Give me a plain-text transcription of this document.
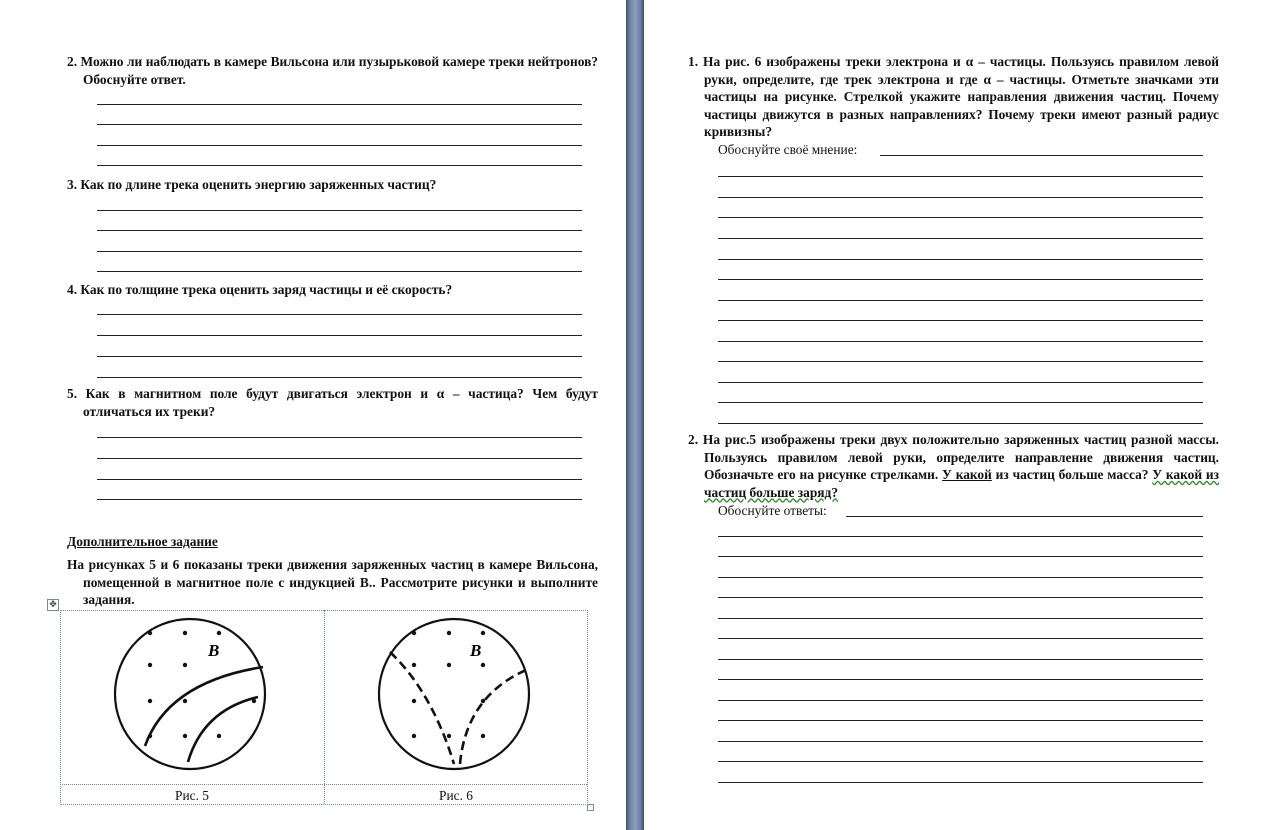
2. Можно ли наблюдать в камере Вильсона или пузырьковой камере треки нейтронов? Обоснуйте ответ.

3. Как по длине трека оценить энергию заряженных частиц?

4. Как по толщине трека оценить заряд частицы и её скорость?

5. Как в магнитном поле будут двигаться электрон и α – частица? Чем будут отличаться их треки?

Дополнительное задание

На рисунках 5 и 6 показаны треки движения заряженных частиц в камере Вильсона, помещенной в магнитное поле с индукцией В.. Рассмотрите рисунки и выполните задания.

✥
B	B
Рис. 5	Рис. 6

1. На рис. 6 изображены треки электрона и α – частицы. Пользуясь правилом левой руки, определите, где трек электрона и где α – частицы. Отметьте значками эти частицы на рисунке. Стрелкой укажите направления движения частиц. Почему частицы движутся в разных направлениях? Почему треки имеют разный радиус кривизны?

Обоснуйте своё мнение:

2. На рис.5 изображены треки двух положительно заряженных частиц разной массы. Пользуясь правилом левой руки, определите направление движения частиц. Обозначьте его на рисунке стрелками. У какой из частиц больше масса? У какой из частиц больше заряд?

Обоснуйте ответы:
